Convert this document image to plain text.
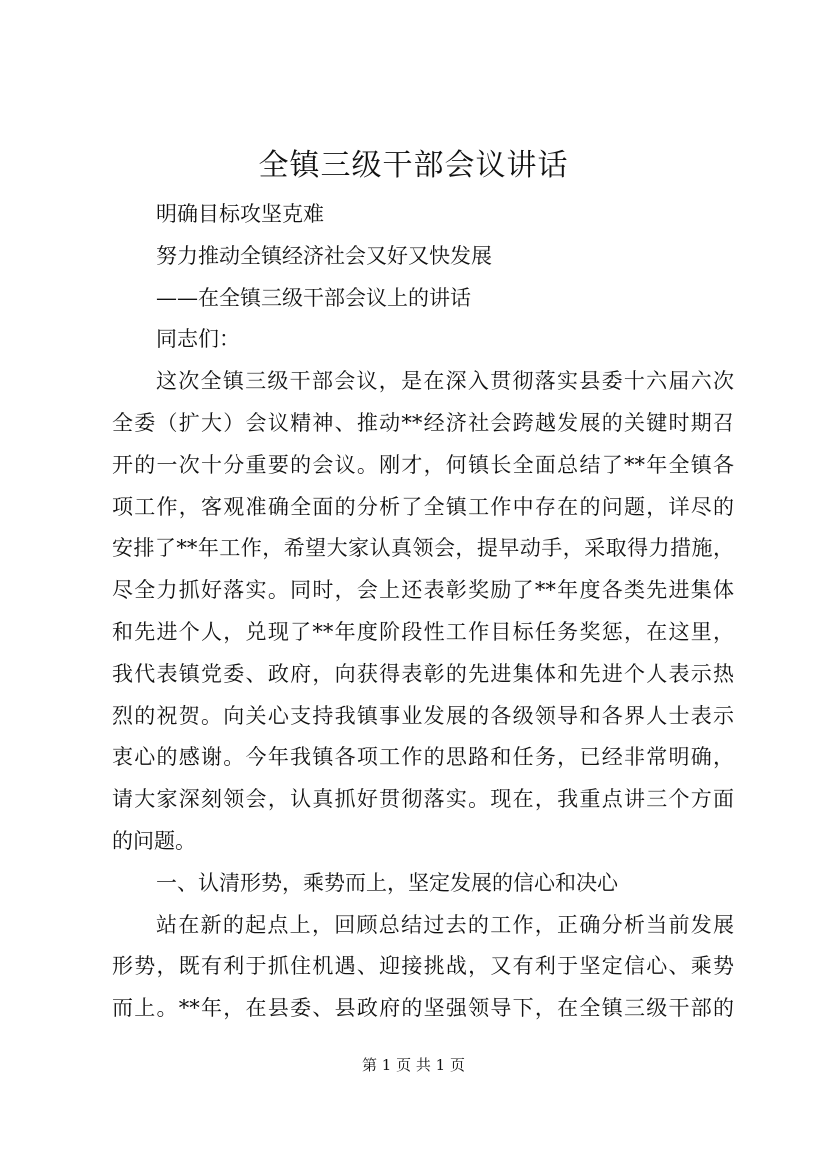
全镇三级干部会议讲话
明确目标攻坚克难
努力推动全镇经济社会又好又快发展
——在全镇三级干部会议上的讲话
同志们：
这次全镇三级干部会议，是在深入贯彻落实县委十六届六次
全委（扩大）会议精神、推动**经济社会跨越发展的关键时期召
开的一次十分重要的会议。刚才，何镇长全面总结了**年全镇各
项工作，客观准确全面的分析了全镇工作中存在的问题，详尽的
安排了**年工作，希望大家认真领会，提早动手，采取得力措施，
尽全力抓好落实。同时，会上还表彰奖励了**年度各类先进集体
和先进个人，兑现了**年度阶段性工作目标任务奖惩，在这里，
我代表镇党委、政府，向获得表彰的先进集体和先进个人表示热
烈的祝贺。向关心支持我镇事业发展的各级领导和各界人士表示
衷心的感谢。今年我镇各项工作的思路和任务，已经非常明确，
请大家深刻领会，认真抓好贯彻落实。现在，我重点讲三个方面
的问题。
一、认清形势，乘势而上，坚定发展的信心和决心
站在新的起点上，回顾总结过去的工作，正确分析当前发展
形势，既有利于抓住机遇、迎接挑战，又有利于坚定信心、乘势
而上。**年，在县委、县政府的坚强领导下，在全镇三级干部的
第 1 页 共 1 页
